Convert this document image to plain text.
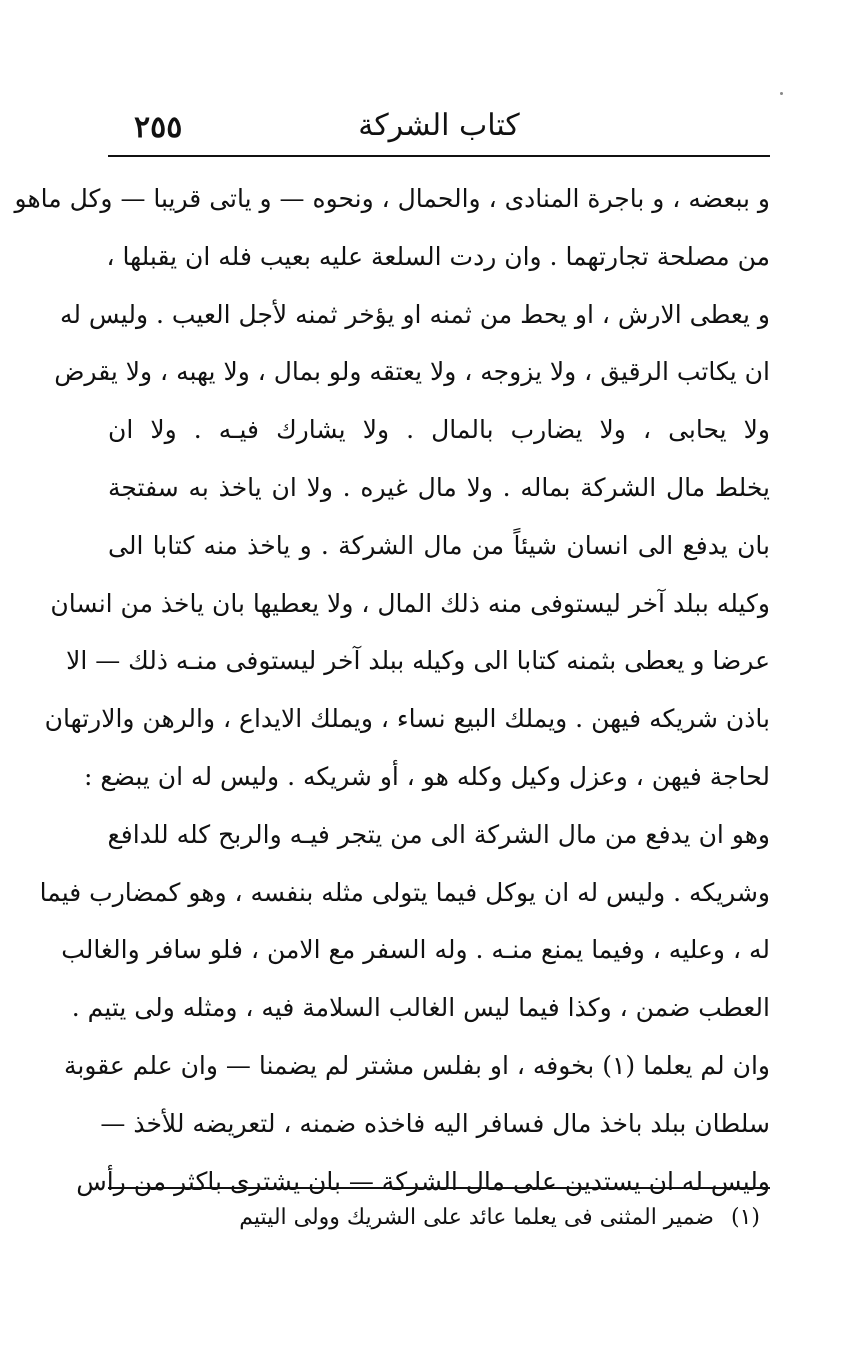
٢٥٥	كتاب الشركة
و ببعضه ، و باجرة المنادى ، والحمال ، ونحوه — و ياتى قريبا — وكل ماهو
من مصلحة تجارتهما . وان ردت السلعة عليه بعيب فله ان يقبلها ،
و يعطى الارش ، او يحط من ثمنه او يؤخر ثمنه لأجل العيب . وليس له
ان يكاتب الرقيق ، ولا يزوجه ، ولا يعتقه ولو بمال ، ولا يهبه ، ولا يقرض
ولا يحابى ، ولا يضارب بالمال . ولا يشارك فيـه . ولا ان
يخلط مال الشركة بماله . ولا مال غيره . ولا ان ياخذ به سفتجة
بان يدفع الى انسان شيئاً من مال الشركة . و ياخذ منه كتابا الى
وكيله ببلد آخر ليستوفى منه ذلك المال ، ولا يعطيها بان ياخذ من انسان
عرضا و يعطى بثمنه كتابا الى وكيله ببلد آخر ليستوفى منـه ذلك — الا
باذن شريكه فيهن . ويملك البيع نساء ، ويملك الايداع ، والرهن والارتهان
لحاجة فيهن ، وعزل وكيل وكله هو ، أو شريكه . وليس له ان يبضع :
وهو ان يدفع من مال الشركة الى من يتجر فيـه والربح كله للدافع
وشريكه . وليس له ان يوكل فيما يتولى مثله بنفسه ، وهو كمضارب فيما
له ، وعليه ، وفيما يمنع منـه . وله السفر مع الامن ، فلو سافر والغالب
العطب ضمن ، وكذا فيما ليس الغالب السلامة فيه ، ومثله ولى يتيم .
وان لم يعلما (١) بخوفه ، او بفلس مشتر لم يضمنا — وان علم عقوبة
سلطان ببلد باخذ مال فسافر اليه فاخذه ضمنه ، لتعريضه للأخذ —
وليس له ان يستدين على مال الشركة — بان يشترى باكثر من رأس
(١) ضمير المثنى فى يعلما عائد على الشريك وولى اليتيم
